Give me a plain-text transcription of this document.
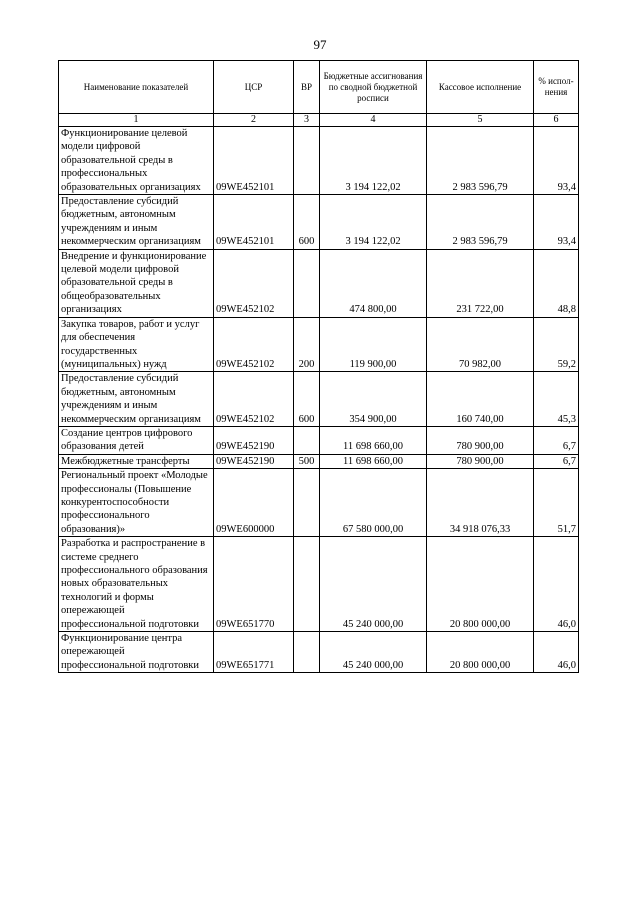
97
Наименование показателей	ЦСР	ВР	Бюджетные ассигнования по сводной бюджетной росписи	Кассовое исполнение	% испол-нения
1	2	3	4	5	6
Функционирование целевой модели цифровой образовательной среды в профессиональных образовательных организациях	09WE452101		3 194 122,02	2 983 596,79	93,4
Предоставление субсидий бюджетным, автономным учреждениям и иным некоммерческим организациям	09WE452101	600	3 194 122,02	2 983 596,79	93,4
Внедрение и функционирование целевой модели цифровой образовательной среды в общеобразовательных организациях	09WE452102		474 800,00	231 722,00	48,8
Закупка товаров, работ и услуг для обеспечения государственных (муниципальных) нужд	09WE452102	200	119 900,00	70 982,00	59,2
Предоставление субсидий бюджетным, автономным учреждениям и иным некоммерческим организациям	09WE452102	600	354 900,00	160 740,00	45,3
Создание центров цифрового образования детей	09WE452190		11 698 660,00	780 900,00	6,7
Межбюджетные трансферты	09WE452190	500	11 698 660,00	780 900,00	6,7
Региональный проект «Молодые профессионалы (Повышение конкурентоспособности профессионального образования)»	09WE600000		67 580 000,00	34 918 076,33	51,7
Разработка и распространение в системе среднего профессионального образования новых образовательных технологий и формы опережающей профессиональной подготовки	09WE651770		45 240 000,00	20 800 000,00	46,0
Функционирование центра опережающей профессиональной подготовки	09WE651771		45 240 000,00	20 800 000,00	46,0
